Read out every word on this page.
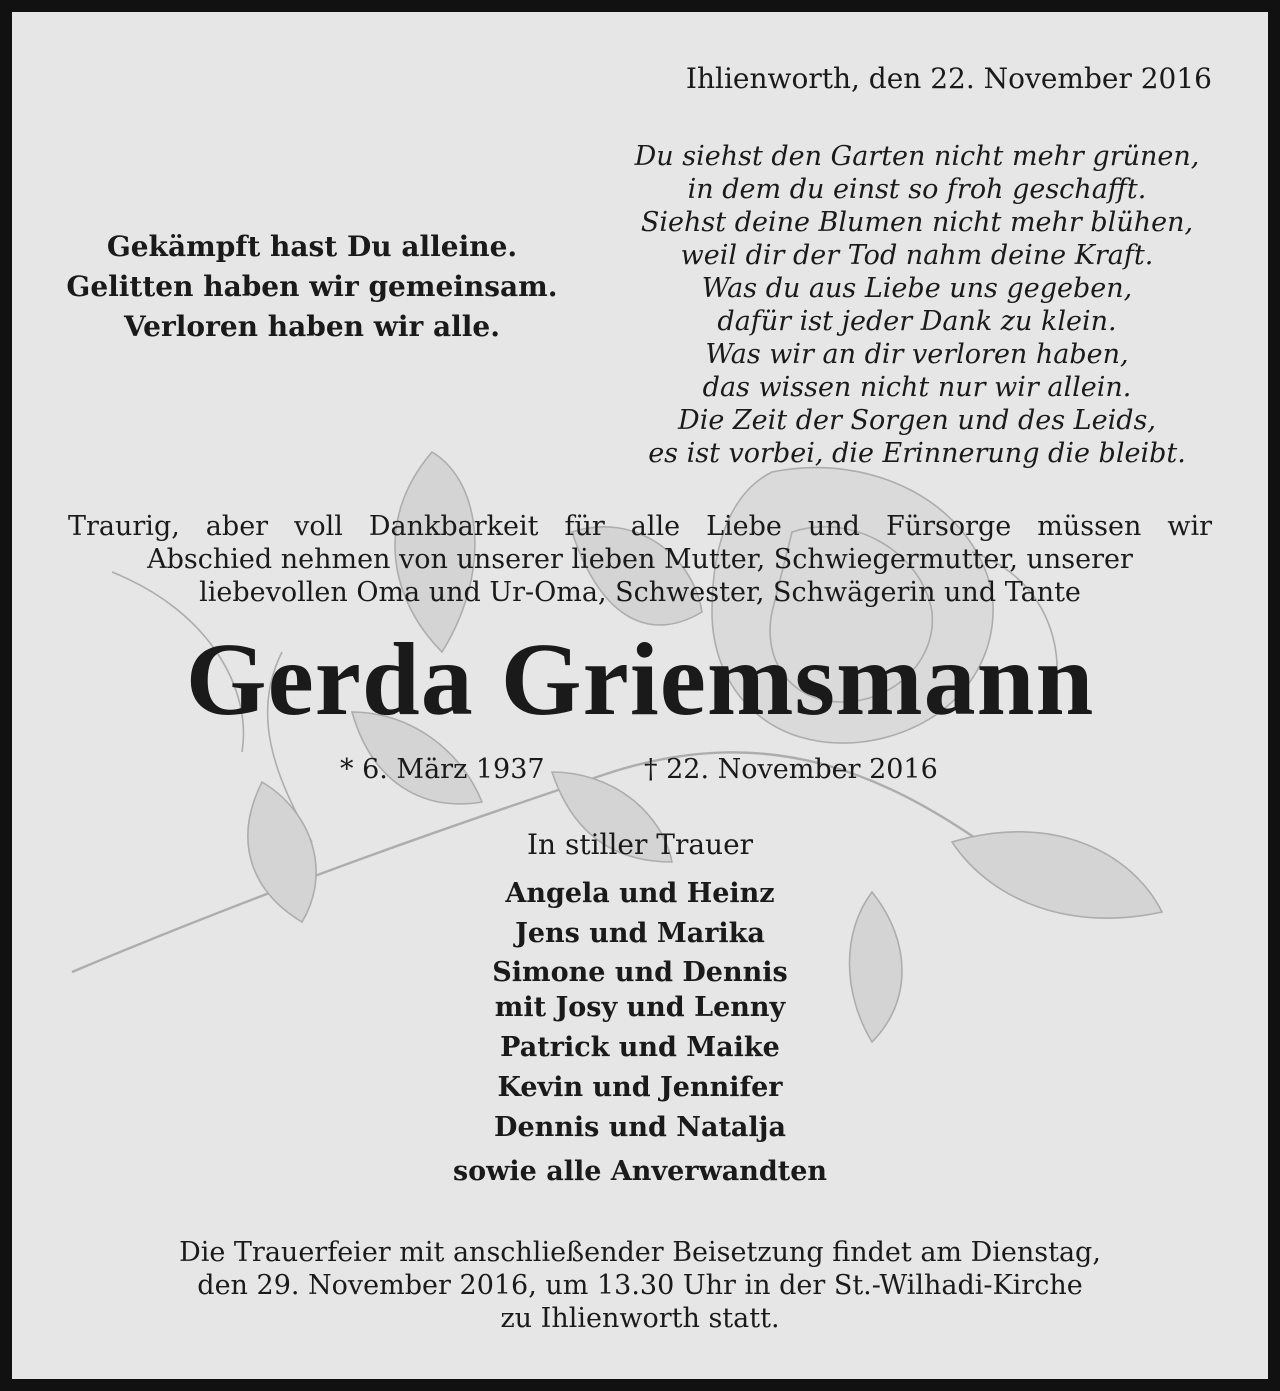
Ihlienworth, den 22. November 2016
Gekämpft hast Du alleine.
Gelitten haben wir gemeinsam.
Verloren haben wir alle.
Du siehst den Garten nicht mehr grünen,
in dem du einst so froh geschafft.
Siehst deine Blumen nicht mehr blühen,
weil dir der Tod nahm deine Kraft.
Was du aus Liebe uns gegeben,
dafür ist jeder Dank zu klein.
Was wir an dir verloren haben,
das wissen nicht nur wir allein.
Die Zeit der Sorgen und des Leids,
es ist vorbei, die Erinnerung die bleibt.
Traurig, aber voll Dankbarkeit für alle Liebe und Fürsorge müssen wir
Abschied nehmen von unserer lieben Mutter, Schwiegermutter, unserer
liebevollen Oma und Ur-Oma, Schwester, Schwägerin und Tante
Gerda Griemsmann
* 6. März 1937	† 22. November 2016
In stiller Trauer
Angela und Heinz
Jens und Marika
Simone und Dennis
mit Josy und Lenny
Patrick und Maike
Kevin und Jennifer
Dennis und Natalja
sowie alle Anverwandten
Die Trauerfeier mit anschließender Beisetzung findet am Dienstag,
den 29. November 2016, um 13.30 Uhr in der St.-Wilhadi-Kirche
zu Ihlienworth statt.
